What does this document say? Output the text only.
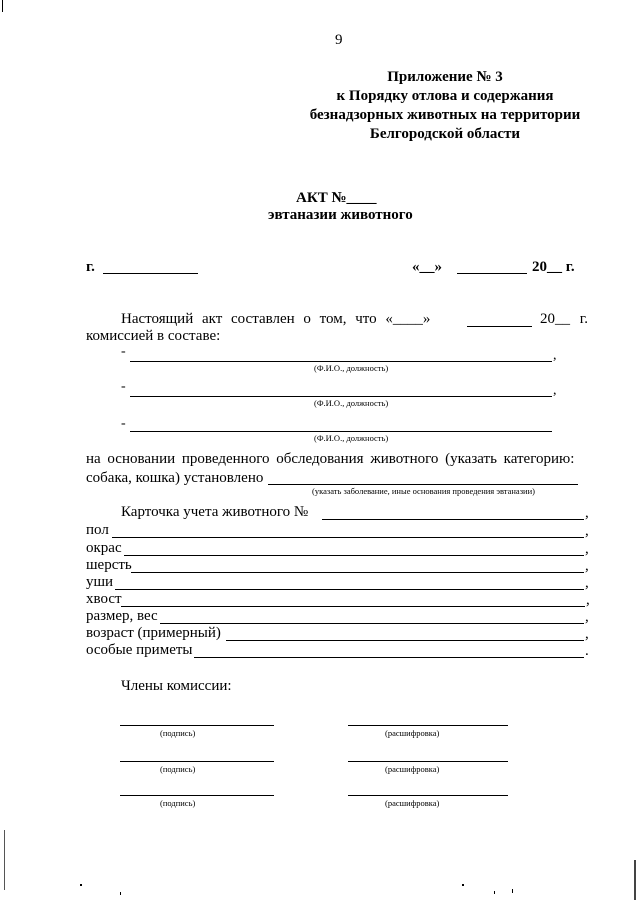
9
Приложение № 3
к Порядку отлова и содержания
безнадзорных животных на территории
Белгородской области
АКТ №____
эвтаназии животного
г.	«__»	20__ г.
Настоящий акт составлен о том, что «____»	20__ г.
комиссией в составе:
-	,
(Ф.И.О., должность)
-	,
(Ф.И.О., должность)
-
(Ф.И.О., должность)
на основании проведенного обследования животного (указать категорию:
собака, кошка) установлено
(указать заболевание, иные основания проведения эвтаназии)
Карточка учета животного №	,
пол	,
окрас	,
шерсть	,
уши	,
хвост	,
размер, вес	,
возраст (примерный)	,
особые приметы	.
Члены комиссии:
(подпись)	(расшифровка)
(подпись)	(расшифровка)
(подпись)	(расшифровка)
